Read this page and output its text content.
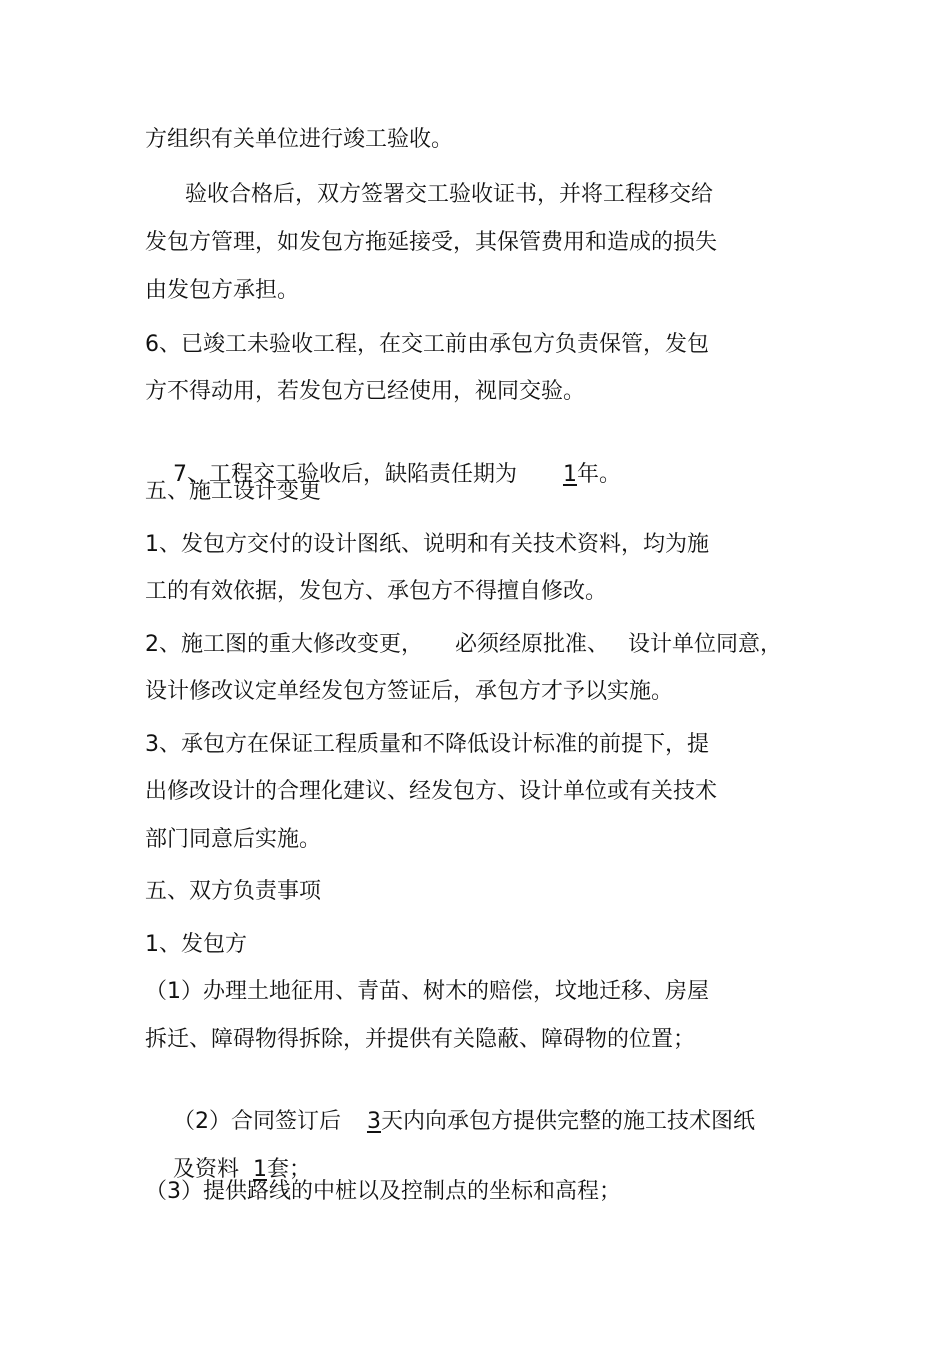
方组织有关单位进行竣工验收。
验收合格后，双方签署交工验收证书，并将工程移交给
发包方管理，如发包方拖延接受，其保管费用和造成的损失
由发包方承担。
6、已竣工未验收工程，在交工前由承包方负责保管，发包
方不得动用，若发包方已经使用，视同交验。

7、工程交工验收后，缺陷责任期为 1年。

五、施工设计变更
1、发包方交付的设计图纸、说明和有关技术资料，均为施
工的有效依据，发包方、承包方不得擅自修改。
2、施工图的重大修改变更， 必须经原批准、 设计单位同意，
设计修改议定单经发包方签证后，承包方才予以实施。
3、承包方在保证工程质量和不降低设计标准的前提下，提
出修改设计的合理化建议、经发包方、设计单位或有关技术
部门同意后实施。
五、双方负责事项
1、发包方
（1）办理土地征用、青苗、树木的赔偿，坟地迁移、房屋
拆迁、障碍物得拆除，并提供有关隐蔽、障碍物的位置；

（2）合同签订后 3天内向承包方提供完整的施工技术图纸

及资料 1套；

（3）提供路线的中桩以及控制点的坐标和高程；
